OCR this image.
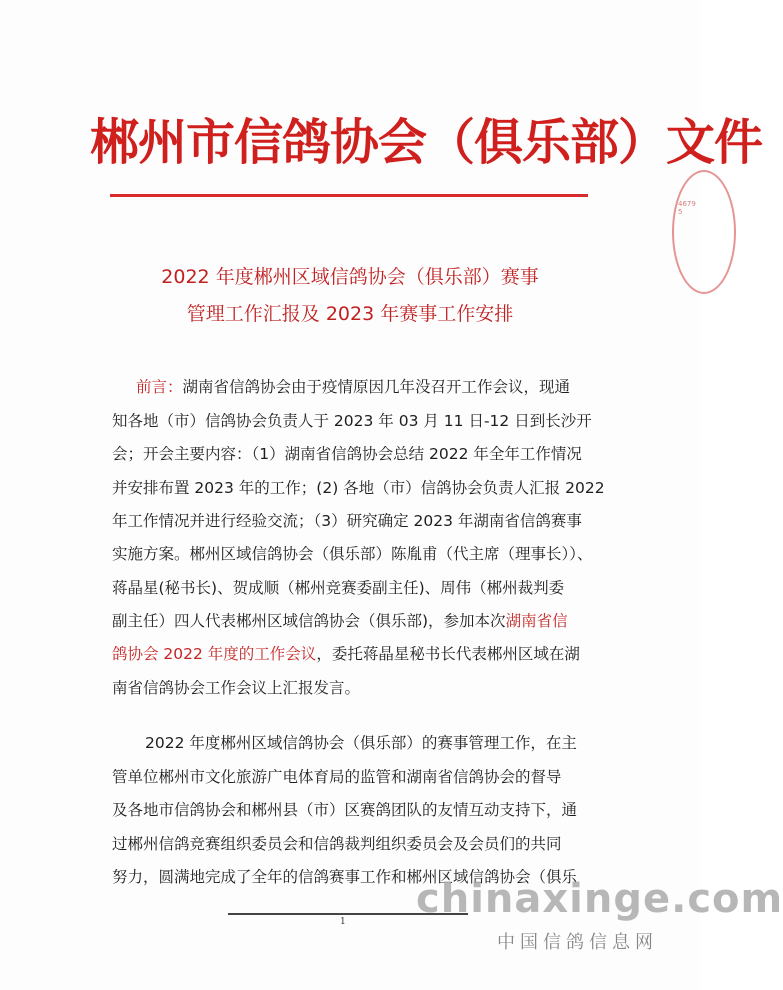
郴州市信鸽协会（俱乐部）文件
46795
2022 年度郴州区域信鸽协会（俱乐部）赛事
管理工作汇报及 2023 年赛事工作安排
前言：湖南省信鸽协会由于疫情原因几年没召开工作会议，现通
知各地（市）信鸽协会负责人于 2023 年 03 月 11 日-12 日到长沙开
会；开会主要内容：（1）湖南省信鸽协会总结 2022 年全年工作情况
并安排布置 2023 年的工作；(2) 各地（市）信鸽协会负责人汇报 2022
年工作情况并进行经验交流；（3）研究确定 2023 年湖南省信鸽赛事
实施方案。郴州区域信鸽协会（俱乐部）陈胤甫（代主席（理事长））、
蒋晶星(秘书长)、贺成顺（郴州竞赛委副主任)、周伟（郴州裁判委
副主任）四人代表郴州区域信鸽协会（俱乐部)，参加本次湖南省信
鸽协会 2022 年度的工作会议，委托蒋晶星秘书长代表郴州区域在湖
南省信鸽协会工作会议上汇报发言。
2022 年度郴州区域信鸽协会（俱乐部）的赛事管理工作，在主
管单位郴州市文化旅游广电体育局的监管和湖南省信鸽协会的督导
及各地市信鸽协会和郴州县（市）区赛鸽团队的友情互动支持下，通
过郴州信鸽竞赛组织委员会和信鸽裁判组织委员会及会员们的共同
努力，圆满地完成了全年的信鸽赛事工作和郴州区域信鸽协会（俱乐
1 chinaxinge.com
中国信鸽信息网
